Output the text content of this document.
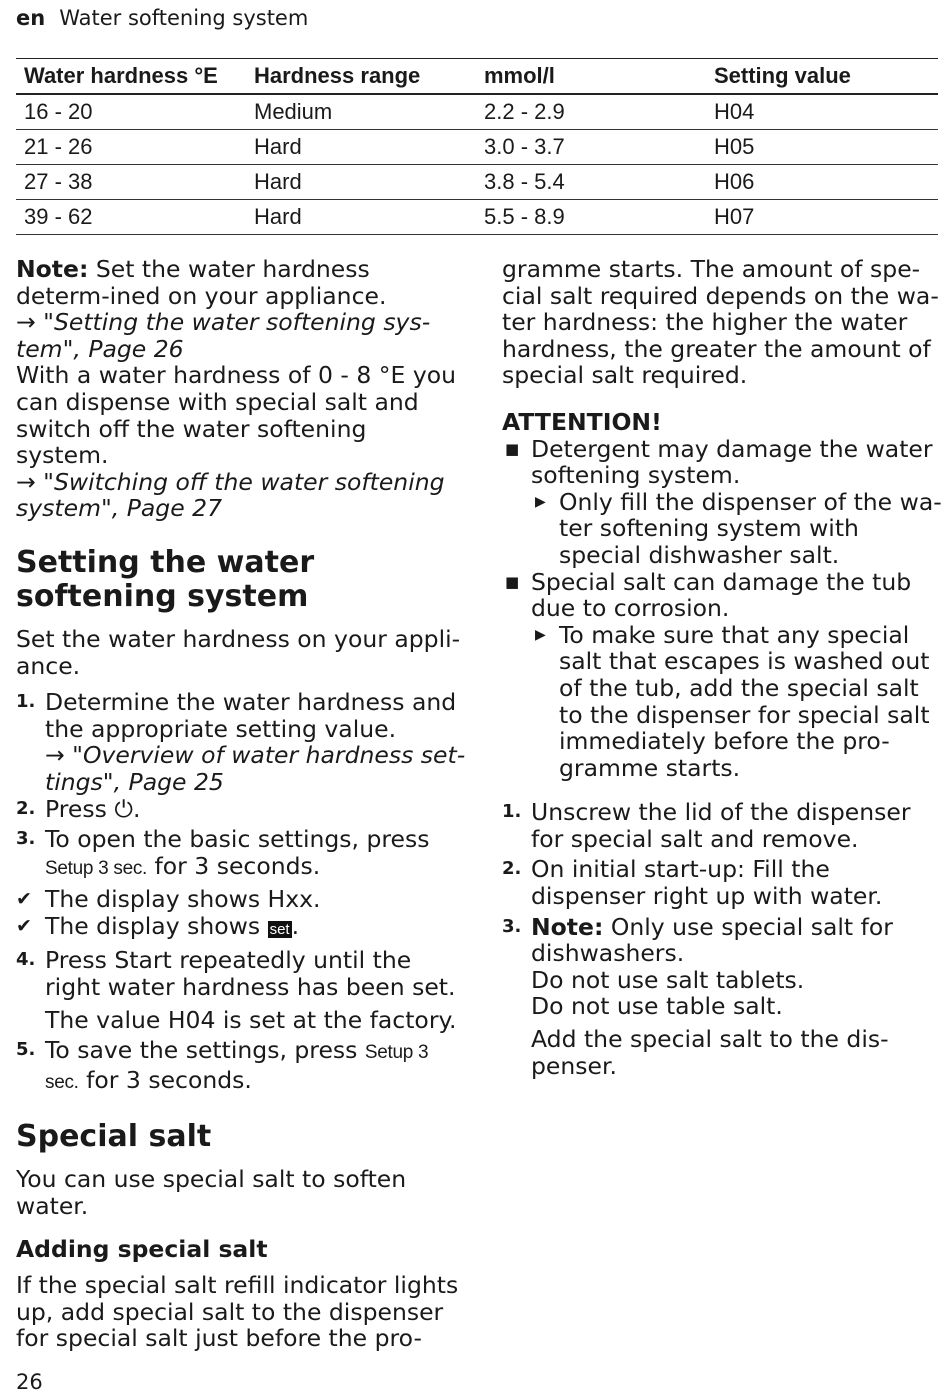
en Water softening system
Water hardness °E	Hardness range	mmol/l	Setting value
16 - 20	Medium	2.2 - 2.9	H04
21 - 26	Hard	3.0 - 3.7	H05
27 - 38	Hard	3.8 - 5.4	H06
39 - 62	Hard	5.5 - 8.9	H07

Note: Set the water hardness determ-ined on your appliance.

→ "Setting the water softening sys-tem", Page 26

With a water hardness of 0 - 8 °E you can dispense with special salt and switch off the water softening system.

→ "Switching off the water softening system", Page 27

Setting the water softening system

Set the water hardness on your appli-ance.

1. Determine the water hardness and the appropriate setting value.

→ "Overview of water hardness set-tings", Page 25

2. Press ⏻.

3. To open the basic settings, press Setup 3 sec. for 3 seconds.

✔ The display shows Hxx.

✔ The display shows set.

4. Press Start repeatedly until the right water hardness has been set.

The value H04 is set at the factory.

5. To save the settings, press Setup 3 sec. for 3 seconds.

Special salt

You can use special salt to soften water.

Adding special salt

If the special salt refill indicator lights up, add special salt to the dispenser for special salt just before the pro-

gramme starts. The amount of spe-cial salt required depends on the wa-ter hardness: the higher the water hardness, the greater the amount of special salt required.

ATTENTION!

■ Detergent may damage the water softening system.

▶ Only fill the dispenser of the wa-ter softening system with special dishwasher salt.

■ Special salt can damage the tub due to corrosion.

▶ To make sure that any special salt that escapes is washed out of the tub, add the special salt to the dispenser for special salt immediately before the pro-gramme starts.

1. Unscrew the lid of the dispenser for special salt and remove.

2. On initial start-up: Fill the dispenser right up with water.

3. Note: Only use special salt for dishwashers.

Do not use salt tablets.

Do not use table salt.

Add the special salt to the dis-penser.

26
